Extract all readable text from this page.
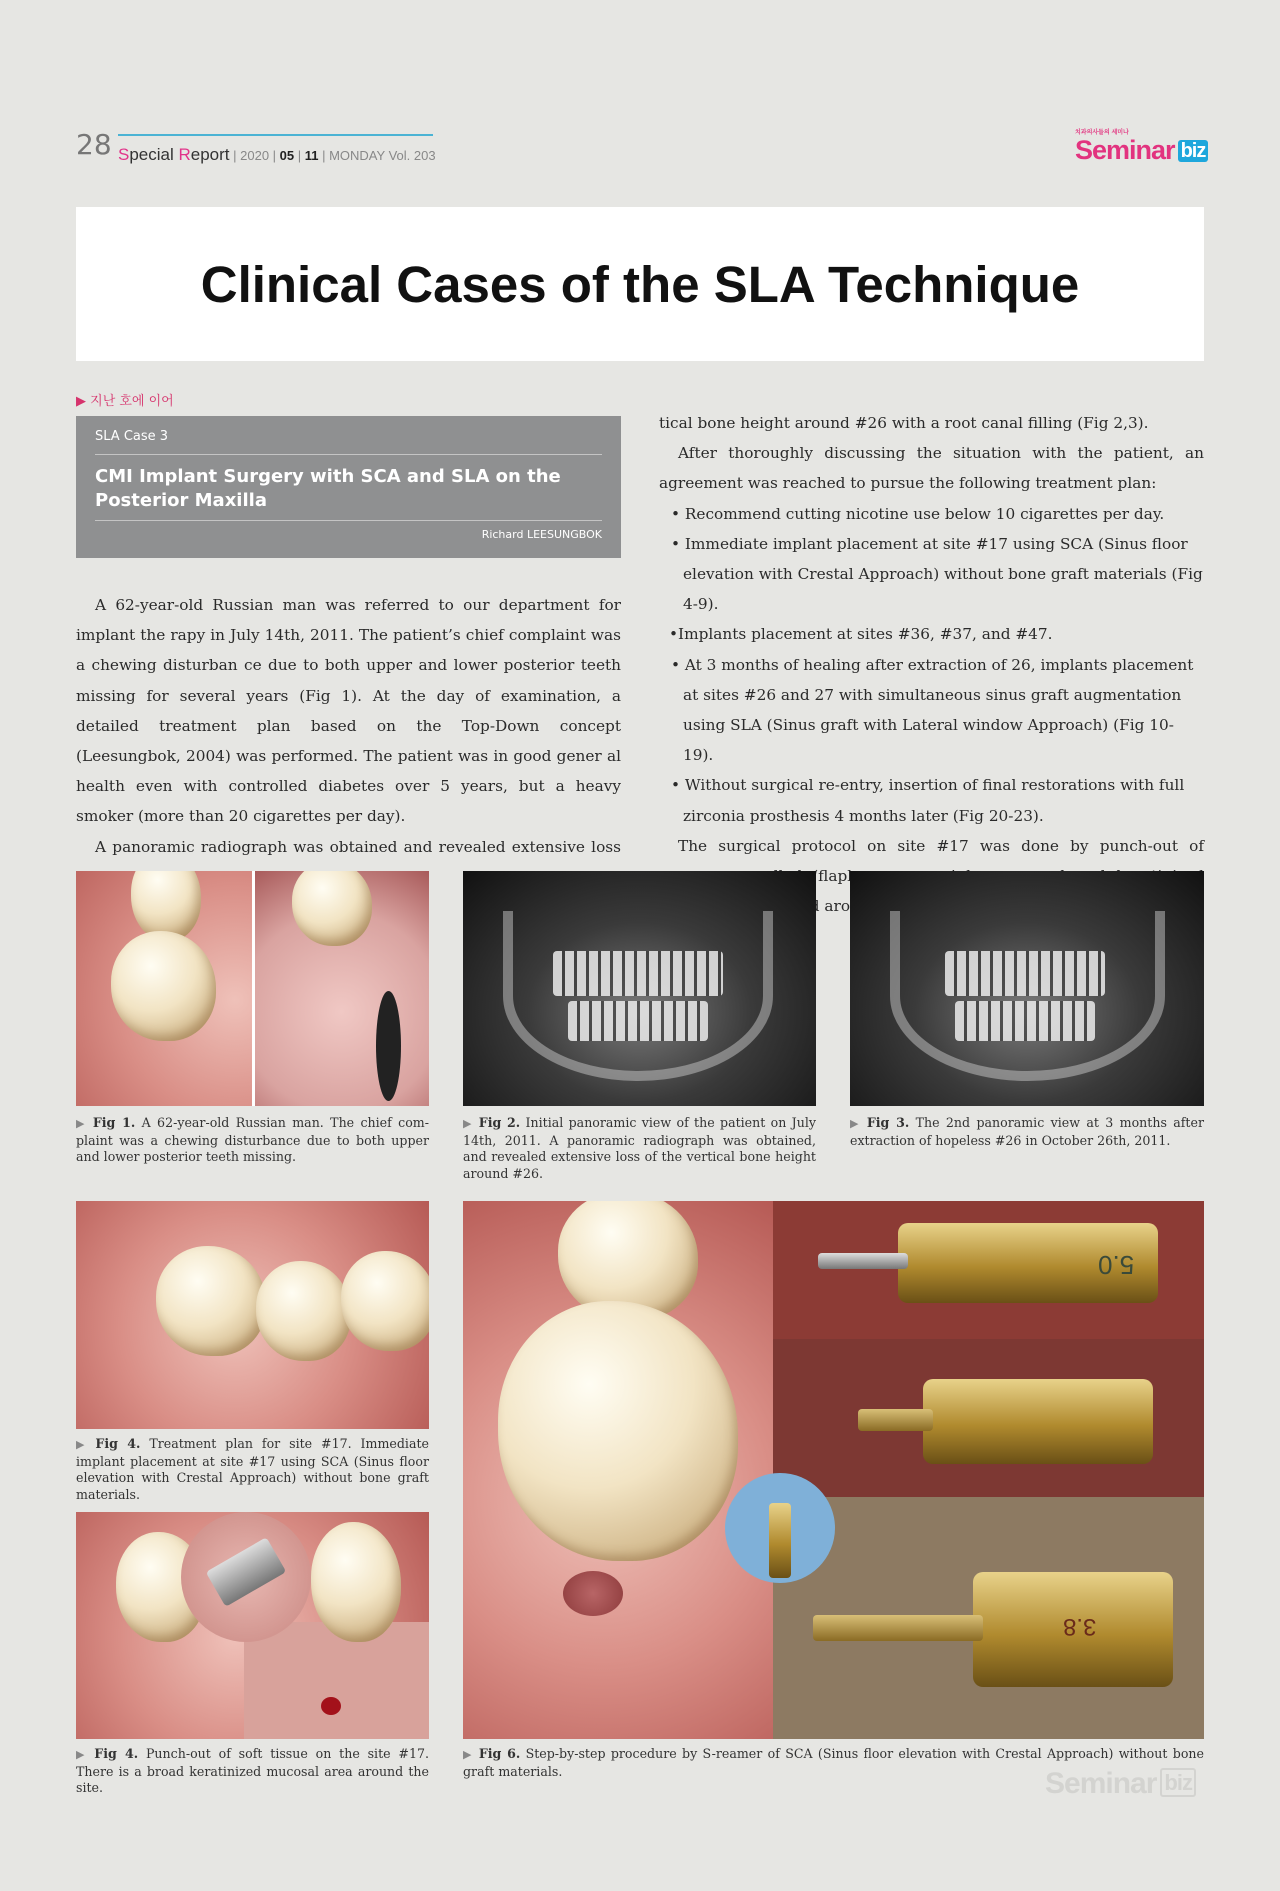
28 Special Report | 2020 | 05 | 11 | MONDAY Vol. 203
치과의사들의 세미나
Seminar biz
Clinical Cases of the SLA Technique
▶ 지난 호에 이어
SLA Case 3
CMI Implant Surgery with SCA and SLA on the Posterior Maxilla
Richard LEESUNGBOK

A 62-year-old Russian man was referred to our department for implant the rapy in July 14th, 2011. The patient’s chief complaint was a chewing disturban ce due to both upper and lower posterior teeth missing for several years (Fig 1). At the day of examination, a detailed treatment plan based on the Top-Down concept (Leesungbok, 2004) was performed. The patient was in good gener al health even with controlled diabetes over 5 years, but a heavy smoker (more than 20 cigarettes per day).

A panoramic radiograph was obtained and revealed extensive loss

tical bone height around #26 with a root canal filling (Fig 2,3).

After thoroughly discussing the situation with the patient, an agreement was reached to pursue the following treatment plan:

• Recommend cutting nicotine use below 10 cigarettes per day.
• Immediate implant placement at site #17 using SCA (Sinus floor elevation with Crestal Approach) without bone graft materials (Fig 4-9).
•Implants placement at sites #36, #37, and #47.
• At 3 months of healing after extraction of 26, implants placement at sites #26 and 27 with simultaneous sinus graft augmentation using SLA (Sinus graft with Lateral window Approach) (Fig 10-19).
• Without surgical re-entry, insertion of final restorations with full zirconia prosthesis 4 months later (Fig 20-23).

The surgical protocol on site #17 was done by punch-out of ‘flapless arou

▶ Fig 1. A 62-year-old Russian man. The chief com-plaint was a chewing disturbance due to both upper and lower posterior teeth missing.
▶ Fig 2. Initial panoramic view of the patient on July 14th, 2011. A panoramic radiograph was obtained, and revealed extensive loss of the vertical bone height around #26.
▶ Fig 3. The 2nd panoramic view at 3 months after extraction of hopeless #26 in October 26th, 2011.
▶ Fig 4. Treatment plan for site #17. Immediate implant placement at site #17 using SCA (Sinus floor elevation with Crestal Approach) without bone graft materials.
▶ Fig 4. Punch-out of soft tissue on the site #17. There is a broad keratinized mucosal area around the site.
5.0
3.8
▶ Fig 6. Step-by-step procedure by S-reamer of SCA (Sinus floor elevation with Crestal Approach) without bone graft materials.	Seminar biz
